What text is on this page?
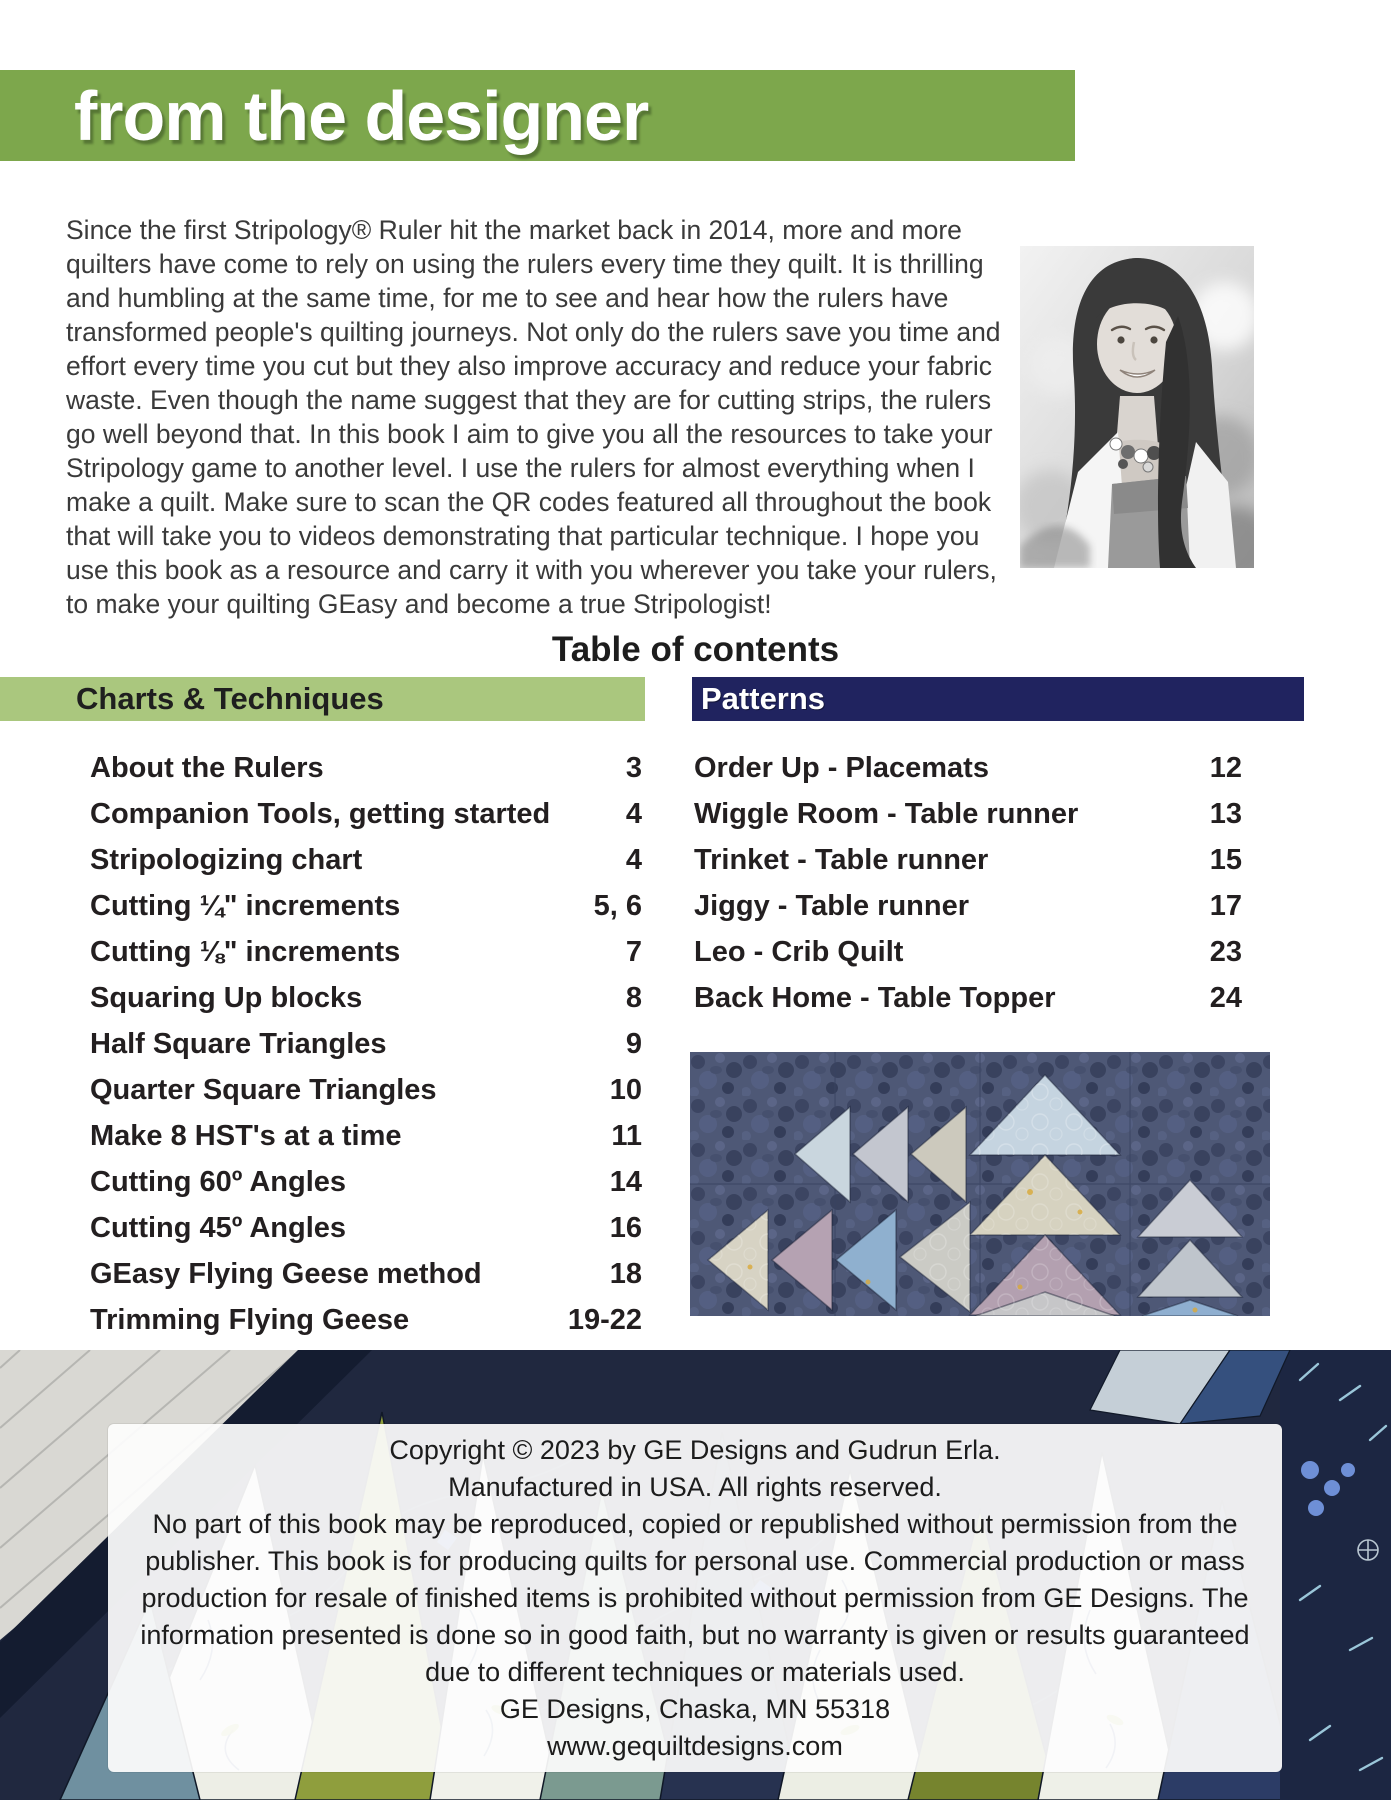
from the designer

Since the first Stripology® Ruler hit the market back in 2014, more and more quilters have come to rely on using the rulers every time they quilt. It is thrilling and humbling at the same time, for me to see and hear how the rulers have transformed people's quilting journeys. Not only do the rulers save you time and effort every time you cut but they also improve accuracy and reduce your fabric waste. Even though the name suggest that they are for cutting strips, the rulers go well beyond that. In this book I aim to give you all the resources to take your Stripology game to another level. I use the rulers for almost everything when I make a quilt. Make sure to scan the QR codes featured all throughout the book that will take you to videos demonstrating that particular technique. I hope you use this book as a resource and carry it with you wherever you take your rulers, to make your quilting GEasy and become a true Stripologist!

Table of contents
Charts & Techniques	Patterns
About the Rulers	3
Companion Tools, getting started	4
Stripologizing chart	4
Cutting ¼" increments	5, 6
Cutting ⅛" increments	7
Squaring Up blocks	8
Half Square Triangles	9
Quarter Square Triangles	10
Make 8 HST's at a time	11
Cutting 60º Angles	14
Cutting 45º Angles	16
GEasy Flying Geese method	18
Trimming Flying Geese	19-22
Order Up - Placemats	12
Wiggle Room - Table runner	13
Trinket - Table runner	15
Jiggy - Table runner	17
Leo - Crib Quilt	23
Back Home - Table Topper	24

Copyright © 2023 by GE Designs and Gudrun Erla.

Manufactured in USA. All rights reserved.

No part of this book may be reproduced, copied or republished without permission from the publisher. This book is for producing quilts for personal use. Commercial production or mass production for resale of finished items is prohibited without permission from GE Designs. The information presented is done so in good faith, but no warranty is given or results guaranteed due to different techniques or materials used.

GE Designs, Chaska, MN 55318

www.gequiltdesigns.com
